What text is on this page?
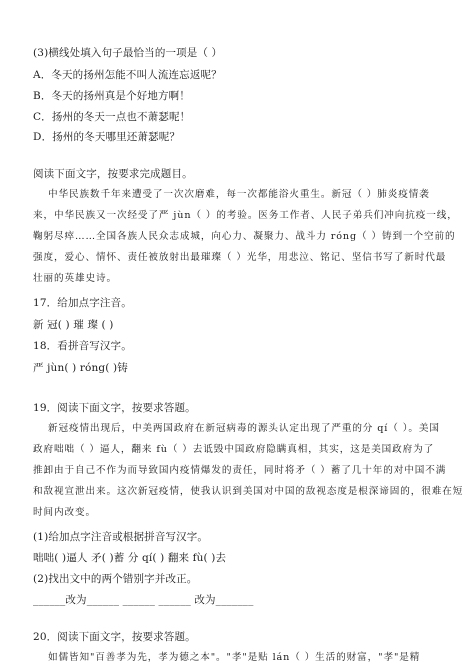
(3)横线处填入句子最恰当的一项是（ ）
A．冬天的扬州怎能不叫人流连忘返呢？
B．冬天的扬州真是个好地方啊！
C．扬州的冬天一点也不萧瑟呢！
D．扬州的冬天哪里还萧瑟呢？
阅读下面文字，按要求完成题目。
中华民族数千年来遭受了一次次磨难，每一次都能浴火重生。新冠（ ）肺炎疫情袭
来，中华民族又一次经受了严 jùn（ ）的考验。医务工作者、人民子弟兵们冲向抗疫一线，
鞠躬尽瘁……全国各族人民众志成城，向心力、凝聚力、战斗力 róng（ ）铸到一个空前的
强度，爱心、情怀、责任被放射出最璀璨（ ）光华，用悲泣、铭记、坚信书写了新时代最
壮丽的英雄史诗。
17．给加点字注音。
新 冠( ) 璀 璨 ( )
18．看拼音写汉字。
严 jùn( ) róng( )铸
19．阅读下面文字，按要求答题。
新冠疫情出现后，中美两国政府在新冠病毒的源头认定出现了严重的分 qí（ ）。美国
政府咄咄（ ）逼人，翻来 fù（ ）去诋毁中国政府隐瞒真相，其实，这是美国政府为了
推卸由于自己不作为而导致国内疫情爆发的责任，同时将矛（ ）蓄了几十年的对中国不满
和敌视宣泄出来。这次新冠疫情，使我认识到美国对中国的敌视态度是根深谛固的，很难在短
时间内改变。
(1)给加点字注音或根据拼音写汉字。
咄咄( )逼人 矛( )蓄 分 qí( ) 翻来 fù( )去
(2)找出文中的两个错别字并改正。
______改为______ ______ ______ 改为_______
20．阅读下面文字，按要求答题。
如儒皆知"百善孝为先，孝为德之本"。"孝"是贴 lán（ ）生活的财富，"孝"是精
